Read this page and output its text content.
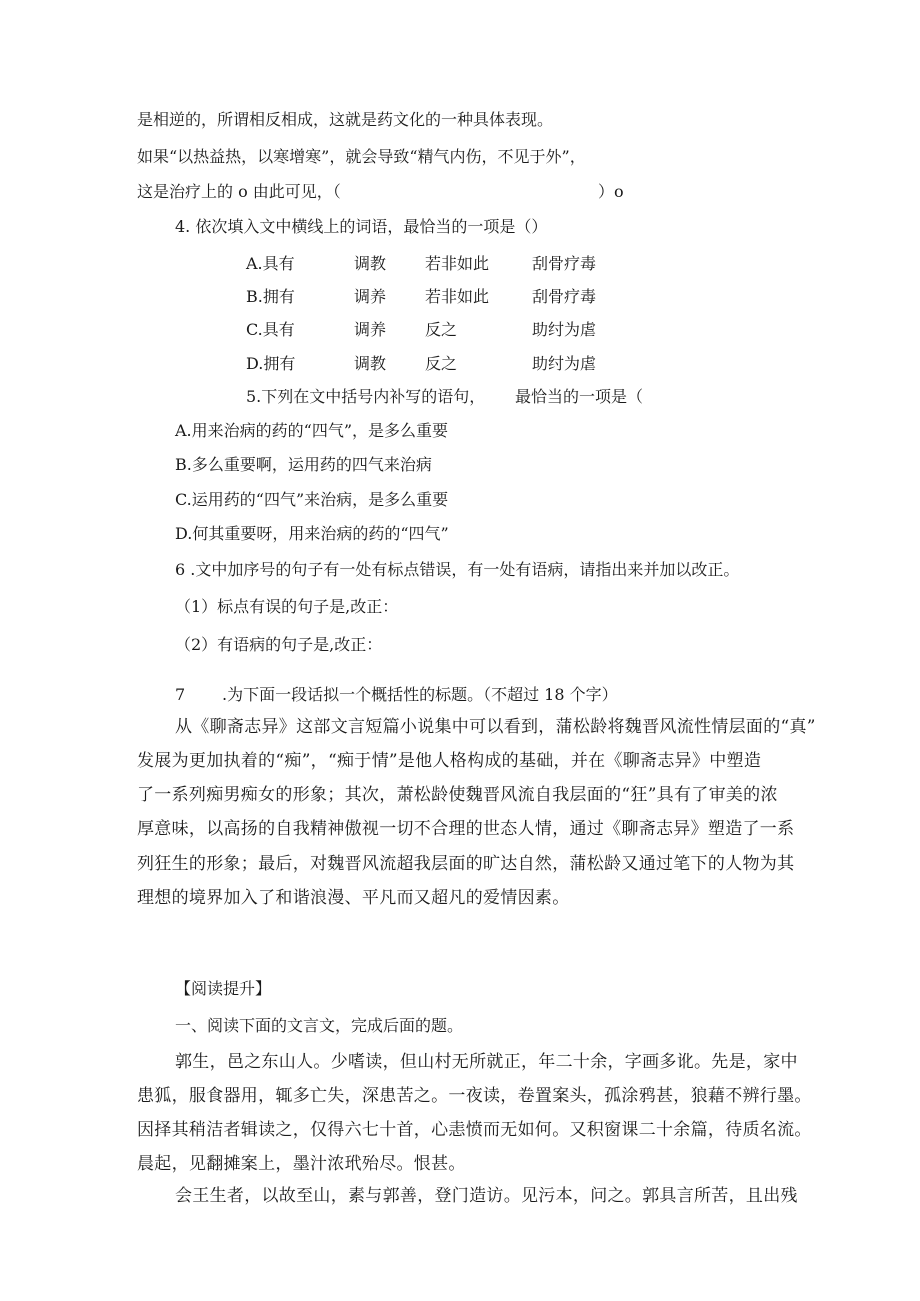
是相逆的，所谓相反相成，这就是药文化的一种具体表现。
如果“以热益热，以寒增寒”，就会导致“精气内伤，不见于外”，
这是治疗上的 o 由此可见，（	）o
4. 依次填入文中横线上的词语，最恰当的一项是（）
A.具有	调教 若非如此	刮骨疗毒
B.拥有	调养 若非如此	刮骨疗毒
C.具有	调养 反之	助纣为虐
D.拥有	调教 反之	助纣为虐
5.下列在文中括号内补写的语句， 最恰当的一项是（
A.用来治病的药的“四气”，是多么重要
B.多么重要啊，运用药的四气来治病
C.运用药的“四气”来治病，是多么重要
D.何其重要呀，用来治病的药的“四气”
6 .文中加序号的句子有一处有标点错误，有一处有语病，请指出来并加以改正。
（1）标点有误的句子是,改正：
（2）有语病的句子是,改正：
7 .为下面一段话拟一个概括性的标题。（不超过 18 个字）
从《聊斋志异》这部文言短篇小说集中可以看到，蒲松龄将魏晋风流性情层面的“真”
发展为更加执着的“痴”，“痴于情”是他人格构成的基础，并在《聊斋志异》中塑造
了一系列痴男痴女的形象；其次，萧松龄使魏晋风流自我层面的“狂”具有了审美的浓
厚意味，以高扬的自我精神傲视一切不合理的世态人情，通过《聊斋志异》塑造了一系
列狂生的形象；最后，对魏晋风流超我层面的旷达自然，蒲松龄又通过笔下的人物为其
理想的境界加入了和谐浪漫、平凡而又超凡的爱情因素。
【阅读提升】
一、阅读下面的文言文，完成后面的题。
郭生，邑之东山人。少嗜读，但山村无所就正，年二十余，字画多讹。先是，家中
患狐，服食器用，辄多亡失，深患苦之。一夜读，卷置案头，孤涂鸦甚，狼藉不辨行墨。
因择其稍洁者辑读之，仅得六七十首，心恚愤而无如何。又积窗课二十余篇，待质名流。
晨起，见翻摊案上，墨汁浓玳殆尽。恨甚。
会王生者，以故至山，素与郭善，登门造访。见污本，问之。郭具言所苦，且出残
